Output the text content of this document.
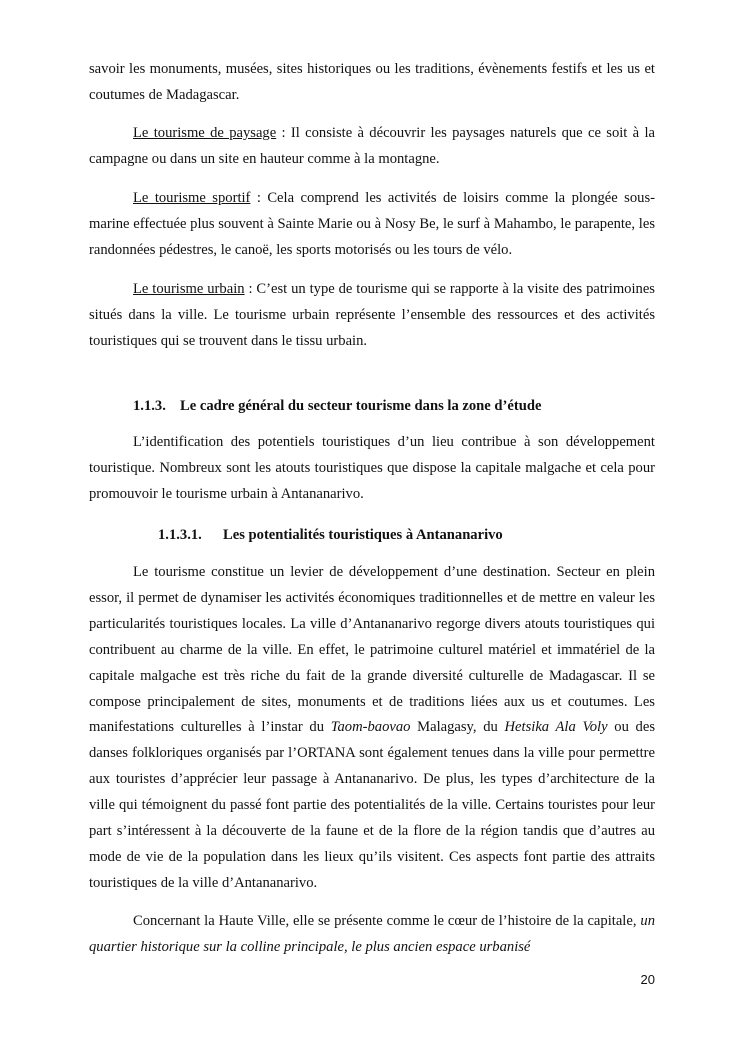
savoir les monuments, musées, sites historiques ou les traditions, évènements festifs et les us et coutumes de Madagascar.

Le tourisme de paysage : Il consiste à découvrir les paysages naturels que ce soit à la campagne ou dans un site en hauteur comme à la montagne.

Le tourisme sportif : Cela comprend les activités de loisirs comme la plongée sous-marine effectuée plus souvent à Sainte Marie ou à Nosy Be, le surf à Mahambo, le parapente, les randonnées pédestres, le canoë, les sports motorisés ou les tours de vélo.

Le tourisme urbain : C’est un type de tourisme qui se rapporte à la visite des patrimoines situés dans la ville. Le tourisme urbain représente l’ensemble des ressources et des activités touristiques qui se trouvent dans le tissu urbain.

1.1.3. Le cadre général du secteur tourisme dans la zone d’étude

L’identification des potentiels touristiques d’un lieu contribue à son développement touristique. Nombreux sont les atouts touristiques que dispose la capitale malgache et cela pour promouvoir le tourisme urbain à Antananarivo.

1.1.3.1. Les potentialités touristiques à Antananarivo

Le tourisme constitue un levier de développement d’une destination. Secteur en plein essor, il permet de dynamiser les activités économiques traditionnelles et de mettre en valeur les particularités touristiques locales. La ville d’Antananarivo regorge divers atouts touristiques qui contribuent au charme de la ville. En effet, le patrimoine culturel matériel et immatériel de la capitale malgache est très riche du fait de la grande diversité culturelle de Madagascar. Il se compose principalement de sites, monuments et de traditions liées aux us et coutumes. Les manifestations culturelles à l’instar du Taom-baovao Malagasy, du Hetsika Ala Voly ou des danses folkloriques organisés par l’ORTANA sont également tenues dans la ville pour permettre aux touristes d’apprécier leur passage à Antananarivo. De plus, les types d’architecture de la ville qui témoignent du passé font partie des potentialités de la ville. Certains touristes pour leur part s’intéressent à la découverte de la faune et de la flore de la région tandis que d’autres au mode de vie de la population dans les lieux qu’ils visitent. Ces aspects font partie des attraits touristiques de la ville d’Antananarivo.

Concernant la Haute Ville, elle se présente comme le cœur de l’histoire de la capitale, un quartier historique sur la colline principale, le plus ancien espace urbanisé

20
